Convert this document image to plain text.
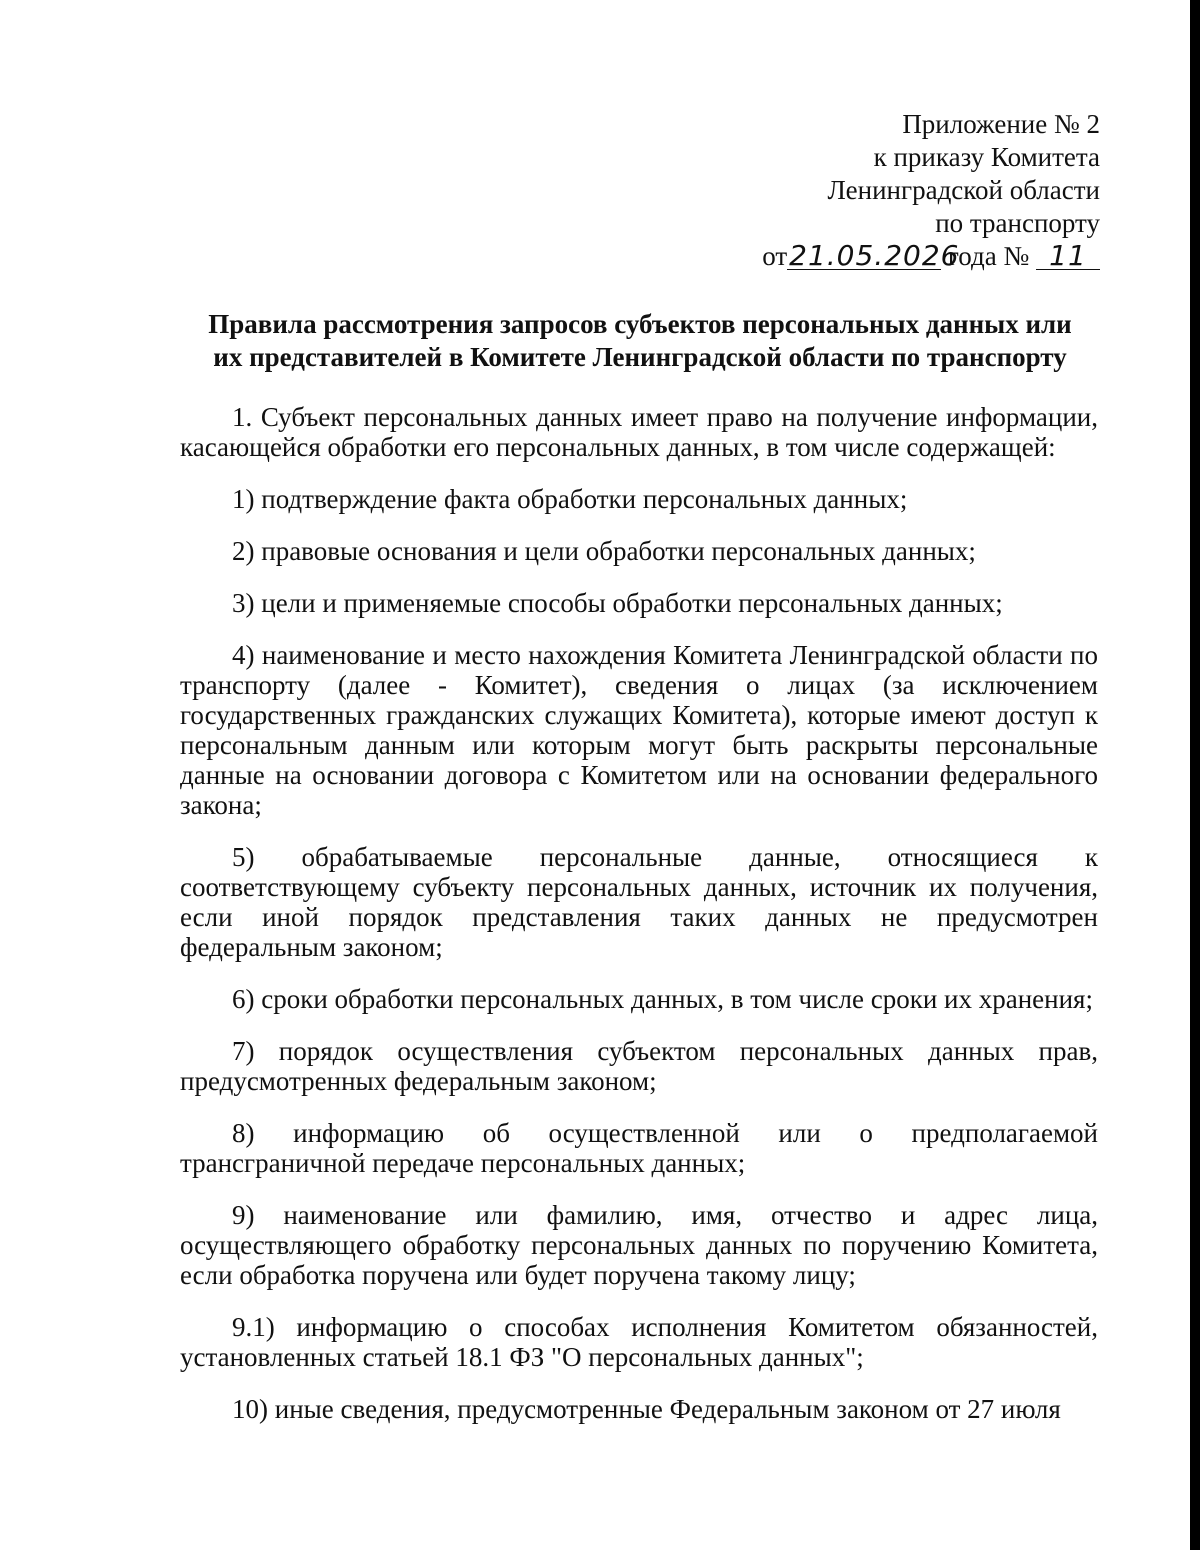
Приложение № 2
к приказу Комитета
Ленинградской области
по транспорту
от21.05.2026 года № 11
Правила рассмотрения запросов субъектов персональных данных или
их представителей в Комитете Ленинградской области по транспорту

1. Субъект персональных данных имеет право на получение информации, касающейся обработки его персональных данных, в том числе содержащей:

1) подтверждение факта обработки персональных данных;

2) правовые основания и цели обработки персональных данных;

3) цели и применяемые способы обработки персональных данных;

4) наименование и место нахождения Комитета Ленинградской области по транспорту (далее - Комитет), сведения о лицах (за исключением государственных гражданских служащих Комитета), которые имеют доступ к персональным данным или которым могут быть раскрыты персональные данные на основании договора с Комитетом или на основании федерального закона;

5) обрабатываемые персональные данные, относящиеся к соответствующему субъекту персональных данных, источник их получения, если иной порядок представления таких данных не предусмотрен федеральным законом;

6) сроки обработки персональных данных, в том числе сроки их хранения;

7) порядок осуществления субъектом персональных данных прав, предусмотренных федеральным законом;

8) информацию об осуществленной или о предполагаемой трансграничной передаче персональных данных;

9) наименование или фамилию, имя, отчество и адрес лица, осуществляющего обработку персональных данных по поручению Комитета, если обработка поручена или будет поручена такому лицу;

9.1) информацию о способах исполнения Комитетом обязанностей, установленных статьей 18.1 ФЗ "О персональных данных";

10) иные сведения, предусмотренные Федеральным законом от 27 июля
